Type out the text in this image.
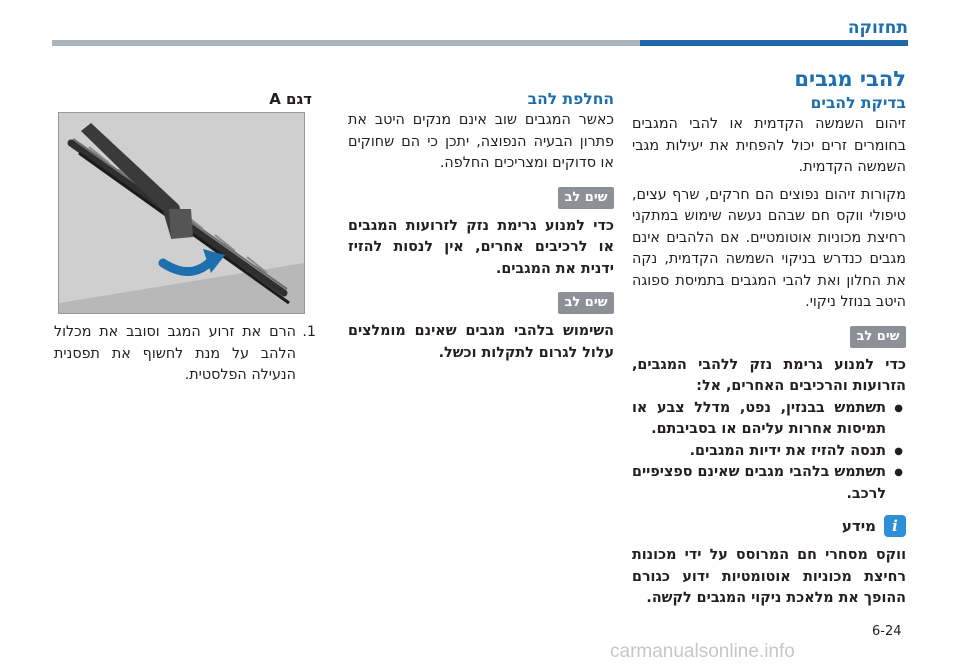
תחזוקה

להבי מגבים

בדיקת להבים

זיהום השמשה הקדמית או להבי המגבים בחומרים זרים יכול להפחית את יעילות מגבי השמשה הקדמית.

מקורות זיהום נפוצים הם חרקים, שרף עצים, טיפולי ווקס חם שבהם נעשה שימוש במתקני רחיצת מכוניות אוטומטיים. אם הלהבים אינם מגבים כנדרש בניקוי השמשה הקדמית, נקה את החלון ואת להבי המגבים בתמיסת ספוגה היטב בנוזל ניקוי.

שים לב

כדי למנוע גרימת נזק ללהבי המגבים, הזרועות והרכיבים האחרים, אל:

● תשתמש בבנזין, נפט, מדלל צבע או תמיסות אחרות עליהם או בסביבתם.
● תנסה להזיז את ידיות המגבים.
● תשתמש בלהבי מגבים שאינם ספציפיים לרכב.
i
מידע

ווקס מסחרי חם המרוסס על ידי מכונות רחיצת מכוניות אוטומטיות ידוע כגורם ההופך את מלאכת ניקוי המגבים לקשה.

החלפת להב

כאשר המגבים שוב אינם מנקים היטב את פתרון הבעיה הנפוצה, יתכן כי הם שחוקים או סדוקים ומצריכים החלפה.

שים לב

כדי למנוע גרימת נזק לזרועות המגבים או לרכיבים אחרים, אין לנסות להזיז ידנית את המגבים.

שים לב

השימוש בלהבי מגבים שאינם מומלצים עלול לגרום לתקלות וכשל.

דגם A
1.
הרם את זרוע המגב וסובב את מכלול הלהב על מנת לחשוף את תפסנית הנעילה הפלסטית.
6-24
carmanualsonline.info
